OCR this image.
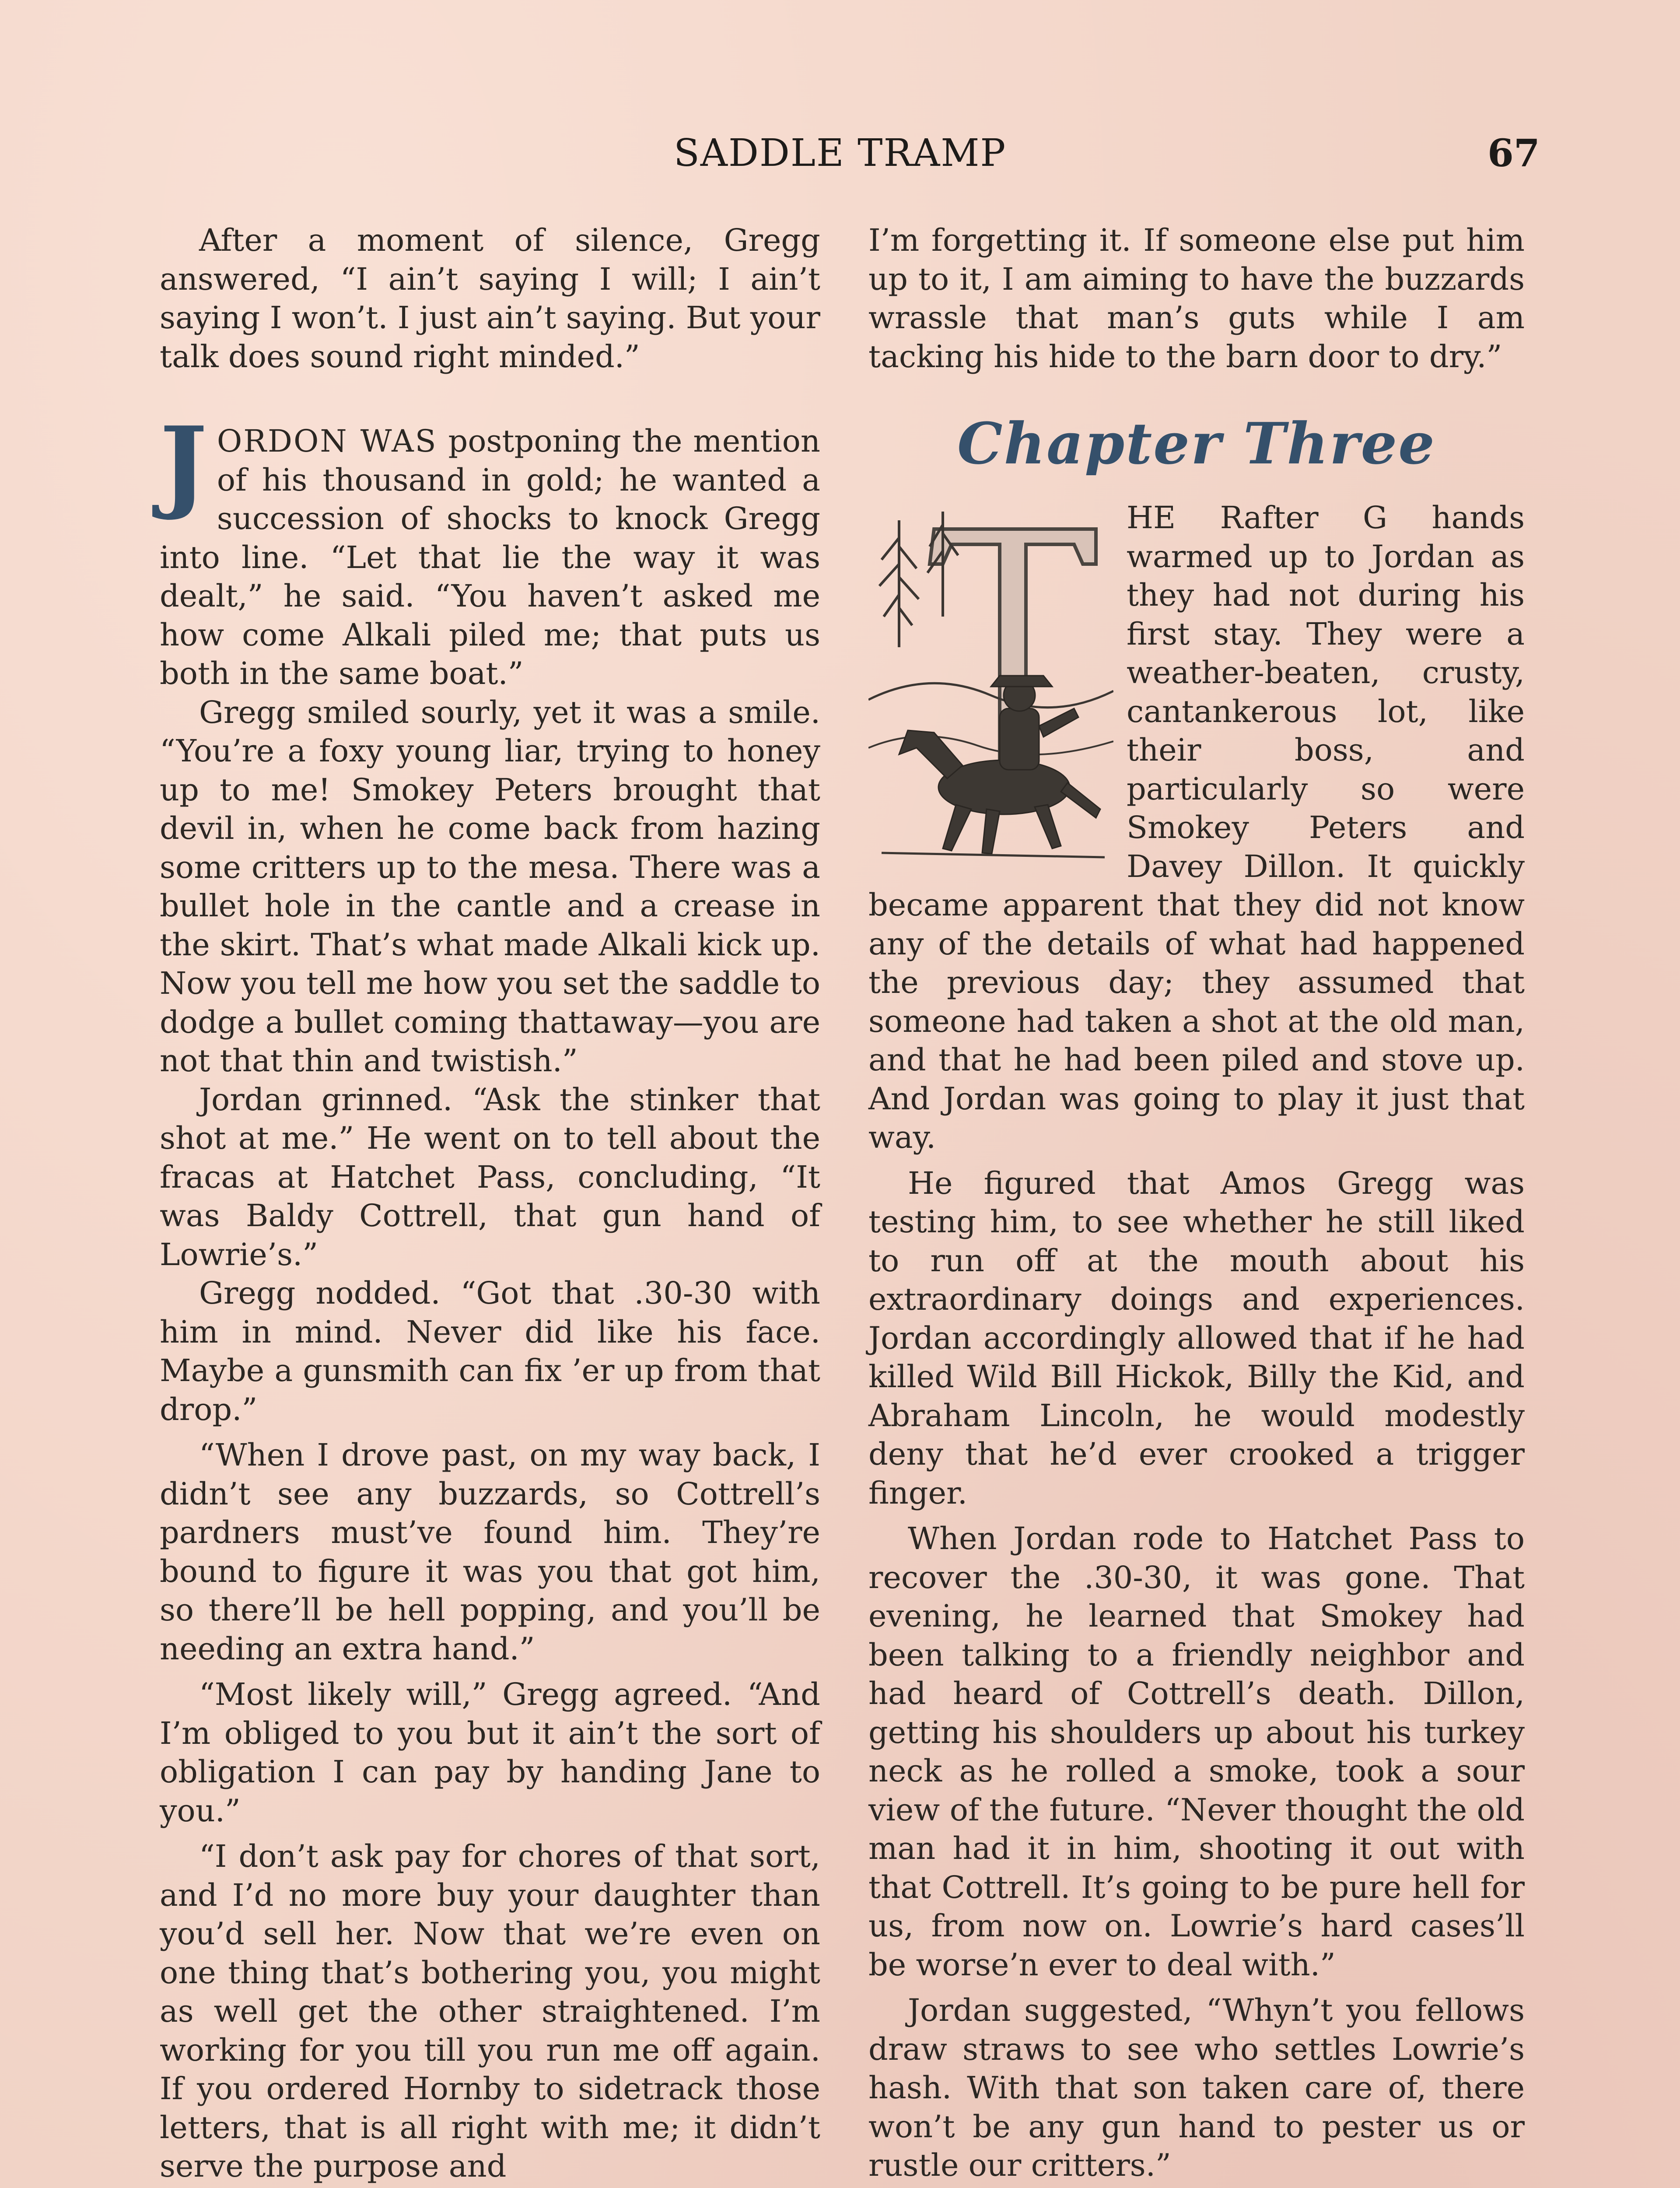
SADDLE TRAMP	67

After a moment of silence, Gregg answered, “I ain’t saying I will; I ain’t saying I won’t. I just ain’t saying. But your talk does sound right minded.”

JORDON WAS postponing the mention of his thousand in gold; he wanted a succession of shocks to knock Gregg into line. “Let that lie the way it was dealt,” he said. “You haven’t asked me how come Alkali piled me; that puts us both in the same boat.”

Gregg smiled sourly, yet it was a smile. “You’re a foxy young liar, trying to honey up to me! Smokey Peters brought that devil in, when he come back from hazing some critters up to the mesa. There was a bullet hole in the cantle and a crease in the skirt. That’s what made Alkali kick up. Now you tell me how you set the saddle to dodge a bullet coming thattaway—you are not that thin and twistish.”

Jordan grinned. “Ask the stinker that shot at me.” He went on to tell about the fracas at Hatchet Pass, concluding, “It was Baldy Cottrell, that gun hand of Lowrie’s.”

Gregg nodded. “Got that .30-30 with him in mind. Never did like his face. Maybe a gunsmith can fix ’er up from that drop.”

“When I drove past, on my way back, I didn’t see any buzzards, so Cottrell’s pardners must’ve found him. They’re bound to figure it was you that got him, so there’ll be hell popping, and you’ll be needing an extra hand.”

“Most likely will,” Gregg agreed. “And I’m obliged to you but it ain’t the sort of obligation I can pay by handing Jane to you.”

“I don’t ask pay for chores of that sort, and I’d no more buy your daughter than you’d sell her. Now that we’re even on one thing that’s bothering you, you might as well get the other straightened. I’m working for you till you run me off again. If you ordered Hornby to sidetrack those letters, that is all right with me; it didn’t serve the purpose and

I’m forgetting it. If someone else put him up to it, I am aiming to have the buzzards wrassle that man’s guts while I am tacking his hide to the barn door to dry.”

Chapter Three

HE Rafter G hands warmed up to Jordan as they had not during his first stay. They were a weather-beaten, crusty, cantankerous lot, like their boss, and particularly so were Smokey Peters and Davey Dillon. It quickly became apparent that they did not know any of the details of what had happened the previous day; they assumed that someone had taken a shot at the old man, and that he had been piled and stove up. And Jordan was going to play it just that way.

He figured that Amos Gregg was testing him, to see whether he still liked to run off at the mouth about his extraordinary doings and experiences. Jordan accordingly allowed that if he had killed Wild Bill Hickok, Billy the Kid, and Abraham Lincoln, he would modestly deny that he’d ever crooked a trigger finger.

When Jordan rode to Hatchet Pass to recover the .30-30, it was gone. That evening, he learned that Smokey had been talking to a friendly neighbor and had heard of Cottrell’s death. Dillon, getting his shoulders up about his turkey neck as he rolled a smoke, took a sour view of the future. “Never thought the old man had it in him, shooting it out with that Cottrell. It’s going to be pure hell for us, from now on. Lowrie’s hard cases’ll be worse’n ever to deal with.”

Jordan suggested, “Whyn’t you fellows draw straws to see who settles Lowrie’s hash. With that son taken care of, there won’t be any gun hand to pester us or rustle our critters.”
